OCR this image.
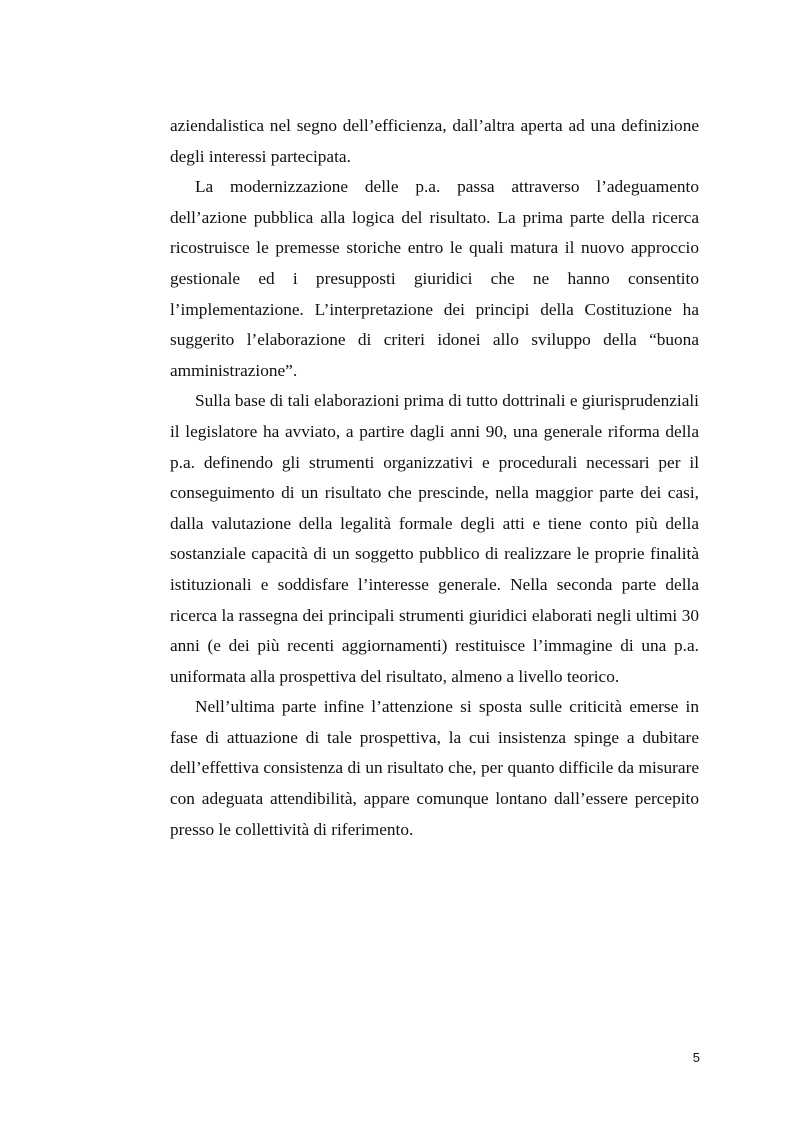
aziendalistica nel segno dell’efficienza, dall’altra aperta ad una definizione degli interessi partecipata.

La modernizzazione delle p.a. passa attraverso l’adeguamento dell’azione pubblica alla logica del risultato. La prima parte della ricerca ricostruisce le premesse storiche entro le quali matura il nuovo approccio gestionale ed i presupposti giuridici che ne hanno consentito l’implementazione. L’interpretazione dei principi della Costituzione ha suggerito l’elaborazione di criteri idonei allo sviluppo della “buona amministrazione”.

Sulla base di tali elaborazioni prima di tutto dottrinali e giurisprudenziali il legislatore ha avviato, a partire dagli anni 90, una generale riforma della p.a. definendo gli strumenti organizzativi e procedurali necessari per il conseguimento di un risultato che prescinde, nella maggior parte dei casi, dalla valutazione della legalità formale degli atti e tiene conto più della sostanziale capacità di un soggetto pubblico di realizzare le proprie finalità istituzionali e soddisfare l’interesse generale. Nella seconda parte della ricerca la rassegna dei principali strumenti giuridici elaborati negli ultimi 30 anni (e dei più recenti aggiornamenti) restituisce l’immagine di una p.a. uniformata alla prospettiva del risultato, almeno a livello teorico.

Nell’ultima parte infine l’attenzione si sposta sulle criticità emerse in fase di attuazione di tale prospettiva, la cui insistenza spinge a dubitare dell’effettiva consistenza di un risultato che, per quanto difficile da misurare con adeguata attendibilità, appare comunque lontano dall’essere percepito presso le collettività di riferimento.

5
